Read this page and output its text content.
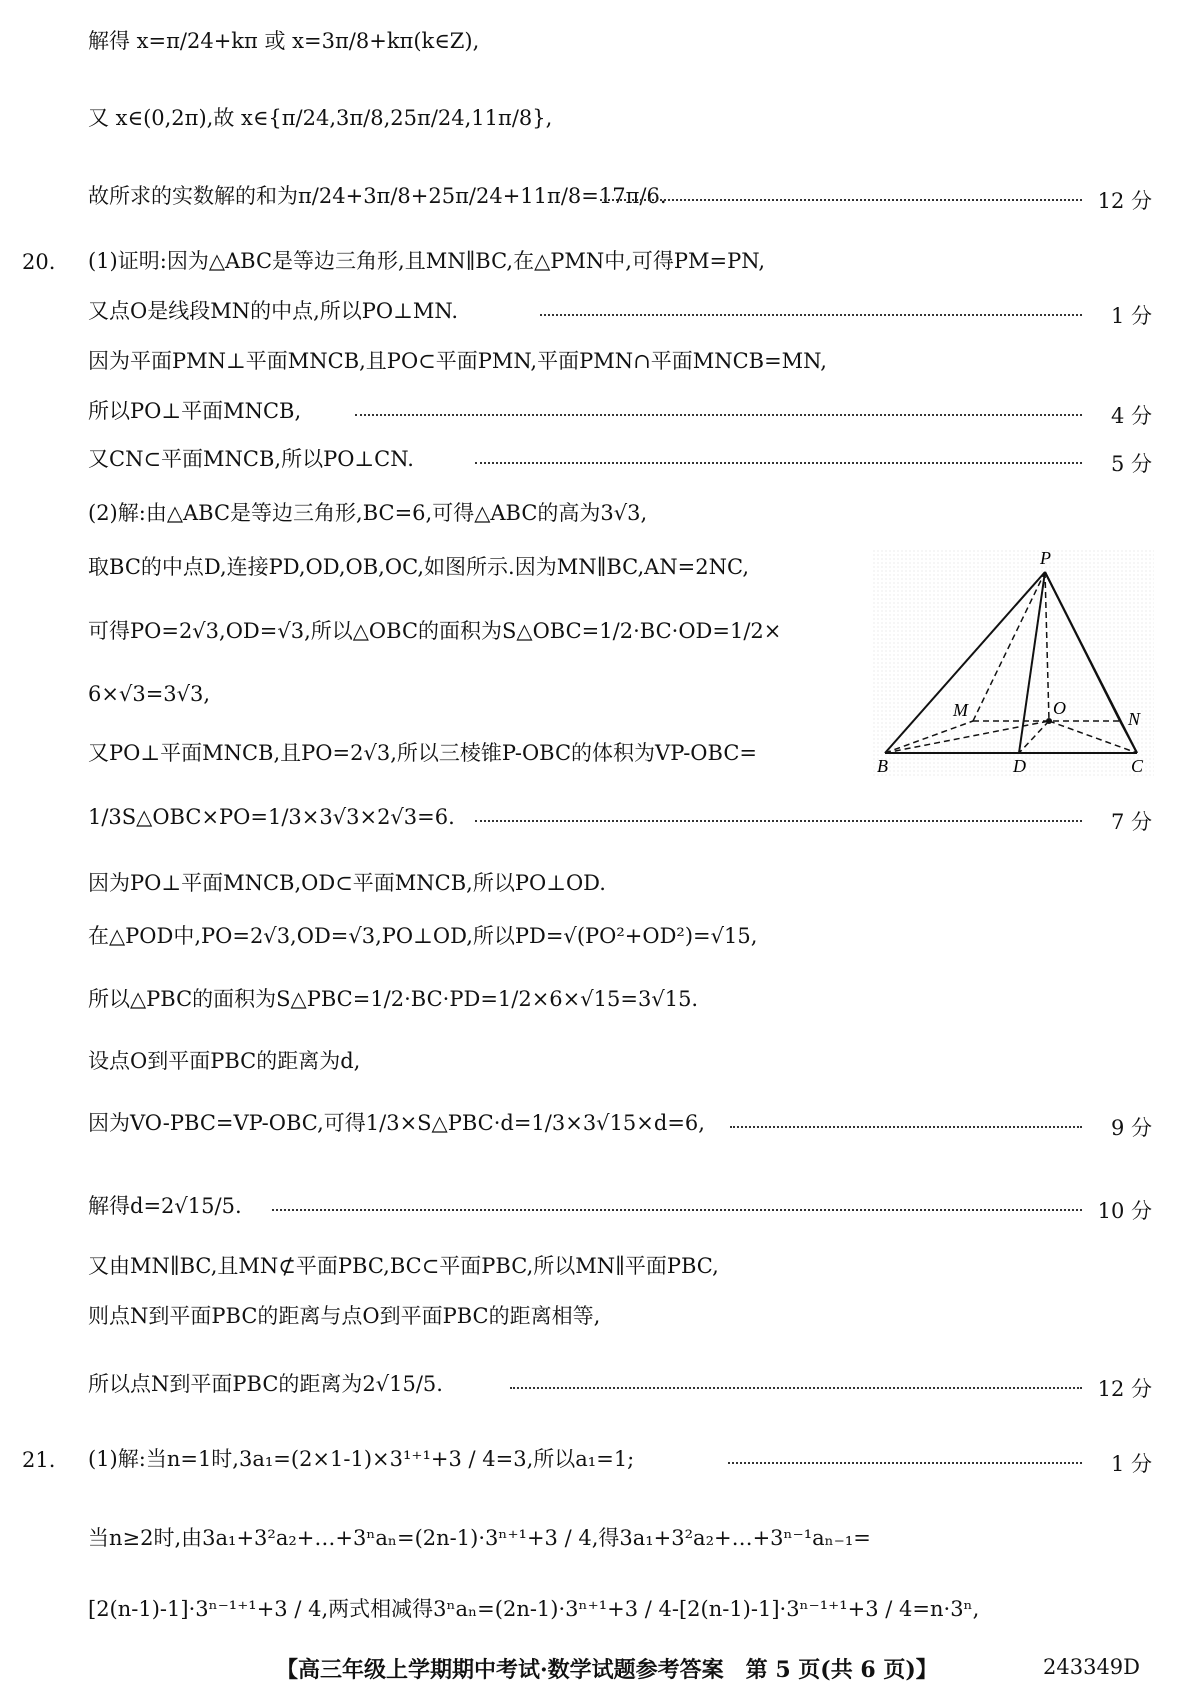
解得 x=π/24+kπ 或 x=3π/8+kπ(k∈Z),
又 x∈(0,2π),故 x∈{π/24,3π/8,25π/24,11π/8},
故所求的实数解的和为π/24+3π/8+25π/24+11π/8=17π/6.
(1)证明:因为△ABC是等边三角形,且MN∥BC,在△PMN中,可得PM=PN,
又点O是线段MN的中点,所以PO⊥MN.
因为平面PMN⊥平面MNCB,且PO⊂平面PMN,平面PMN∩平面MNCB=MN,
所以PO⊥平面MNCB,
又CN⊂平面MNCB,所以PO⊥CN.
(2)解:由△ABC是等边三角形,BC=6,可得△ABC的高为3√3,
取BC的中点D,连接PD,OD,OB,OC,如图所示.因为MN∥BC,AN=2NC,
可得PO=2√3,OD=√3,所以△OBC的面积为S△OBC=1/2·BC·OD=1/2×
6×√3=3√3,
又PO⊥平面MNCB,且PO=2√3,所以三棱锥P-OBC的体积为VP-OBC=
1/3S△OBC×PO=1/3×3√3×2√3=6.
因为PO⊥平面MNCB,OD⊂平面MNCB,所以PO⊥OD.
在△POD中,PO=2√3,OD=√3,PO⊥OD,所以PD=√(PO²+OD²)=√15,
所以△PBC的面积为S△PBC=1/2·BC·PD=1/2×6×√15=3√15.
设点O到平面PBC的距离为d,
因为VO-PBC=VP-OBC,可得1/3×S△PBC·d=1/3×3√15×d=6,
解得d=2√15/5.
又由MN∥BC,且MN⊄平面PBC,BC⊂平面PBC,所以MN∥平面PBC,
则点N到平面PBC的距离与点O到平面PBC的距离相等,
所以点N到平面PBC的距离为2√15/5.
(1)解:当n=1时,3a₁=(2×1-1)×3¹⁺¹+3 / 4=3,所以a₁=1;
当n≥2时,由3a₁+3²a₂+…+3ⁿaₙ=(2n-1)·3ⁿ⁺¹+3 / 4,得3a₁+3²a₂+…+3ⁿ⁻¹aₙ₋₁=
[2(n-1)-1]·3ⁿ⁻¹⁺¹+3 / 4,两式相减得3ⁿaₙ=(2n-1)·3ⁿ⁺¹+3 / 4-[2(n-1)-1]·3ⁿ⁻¹⁺¹+3 / 4=n·3ⁿ,
20.
21.
12 分
1 分
4 分
5 分
7 分
9 分
10 分
12 分
1 分
P
M	O
N
B	D	C
【高三年级上学期期中考试·数学试题参考答案　第 5 页(共 6 页)】	243349D
